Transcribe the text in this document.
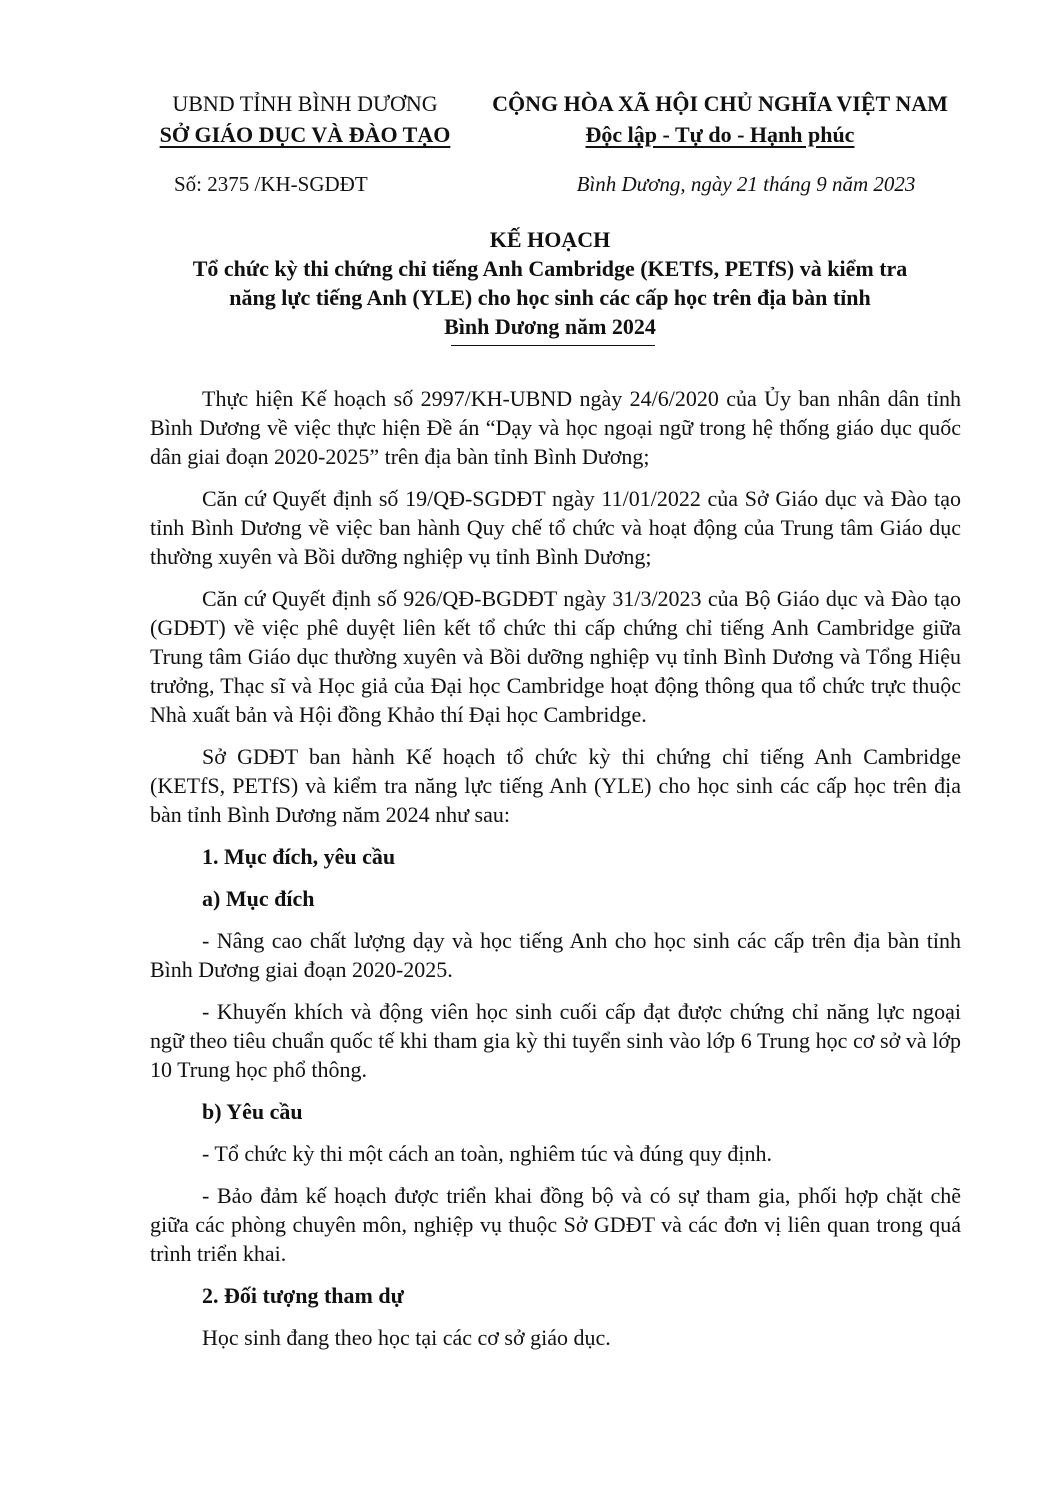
UBND TỈNH BÌNH DƯƠNG
SỞ GIÁO DỤC VÀ ĐÀO TẠO
CỘNG HÒA XÃ HỘI CHỦ NGHĨA VIỆT NAM
Độc lập - Tự do - Hạnh phúc
Số: 2375 /KH-SGDĐT	Bình Dương, ngày 21 tháng 9 năm 2023
KẾ HOẠCH
Tổ chức kỳ thi chứng chỉ tiếng Anh Cambridge (KETfS, PETfS) và kiểm tra
năng lực tiếng Anh (YLE) cho học sinh các cấp học trên địa bàn tỉnh
Bình Dương năm 2024

Thực hiện Kế hoạch số 2997/KH-UBND ngày 24/6/2020 của Ủy ban nhân dân tỉnh Bình Dương về việc thực hiện Đề án “Dạy và học ngoại ngữ trong hệ thống giáo dục quốc dân giai đoạn 2020-2025” trên địa bàn tỉnh Bình Dương;

Căn cứ Quyết định số 19/QĐ-SGDĐT ngày 11/01/2022 của Sở Giáo dục và Đào tạo tỉnh Bình Dương về việc ban hành Quy chế tổ chức và hoạt động của Trung tâm Giáo dục thường xuyên và Bồi dưỡng nghiệp vụ tỉnh Bình Dương;

Căn cứ Quyết định số 926/QĐ-BGDĐT ngày 31/3/2023 của Bộ Giáo dục và Đào tạo (GDĐT) về việc phê duyệt liên kết tổ chức thi cấp chứng chỉ tiếng Anh Cambridge giữa Trung tâm Giáo dục thường xuyên và Bồi dưỡng nghiệp vụ tỉnh Bình Dương và Tổng Hiệu trưởng, Thạc sĩ và Học giả của Đại học Cambridge hoạt động thông qua tổ chức trực thuộc Nhà xuất bản và Hội đồng Khảo thí Đại học Cambridge.

Sở GDĐT ban hành Kế hoạch tổ chức kỳ thi chứng chỉ tiếng Anh Cambridge (KETfS, PETfS) và kiểm tra năng lực tiếng Anh (YLE) cho học sinh các cấp học trên địa bàn tỉnh Bình Dương năm 2024 như sau:

1. Mục đích, yêu cầu

a) Mục đích

- Nâng cao chất lượng dạy và học tiếng Anh cho học sinh các cấp trên địa bàn tỉnh Bình Dương giai đoạn 2020-2025.

- Khuyến khích và động viên học sinh cuối cấp đạt được chứng chỉ năng lực ngoại ngữ theo tiêu chuẩn quốc tế khi tham gia kỳ thi tuyển sinh vào lớp 6 Trung học cơ sở và lớp 10 Trung học phổ thông.

b) Yêu cầu

- Tổ chức kỳ thi một cách an toàn, nghiêm túc và đúng quy định.

- Bảo đảm kế hoạch được triển khai đồng bộ và có sự tham gia, phối hợp chặt chẽ giữa các phòng chuyên môn, nghiệp vụ thuộc Sở GDĐT và các đơn vị liên quan trong quá trình triển khai.

2. Đối tượng tham dự

Học sinh đang theo học tại các cơ sở giáo dục.
